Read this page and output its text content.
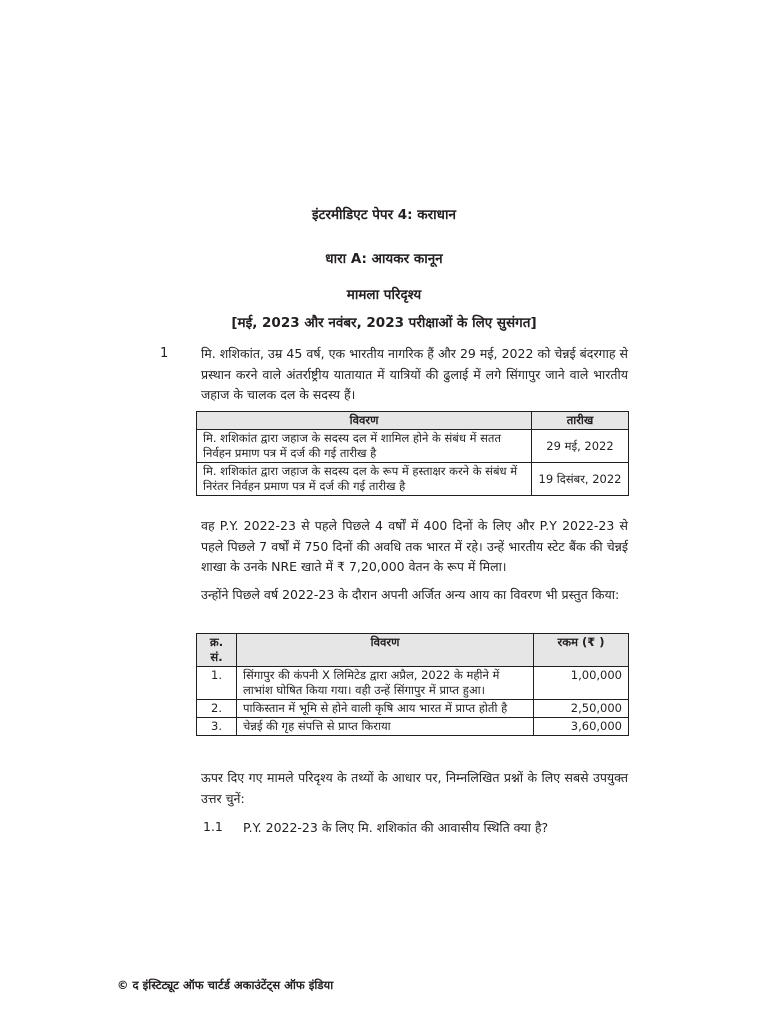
इंटरमीडिएट पेपर 4: कराधान
धारा A: आयकर कानून
मामला परिदृश्य
[मई, 2023 और नवंबर, 2023 परीक्षाओं के लिए सुसंगत]
1	मि. शशिकांत, उम्र 45 वर्ष, एक भारतीय नागरिक हैं और 29 मई, 2022 को चेन्नई बंदरगाह से प्रस्थान करने वाले अंतर्राष्ट्रीय यातायात में यात्रियों की ढुलाई में लगे सिंगापुर जाने वाले भारतीय जहाज के चालक दल के सदस्य हैं।
विवरण	तारीख
मि. शशिकांत द्वारा जहाज के सदस्य दल में शामिल होने के संबंध में सतत निर्वहन प्रमाण पत्र में दर्ज की गई तारीख है	29 मई, 2022
मि. शशिकांत द्वारा जहाज के सदस्य दल के रूप में हस्ताक्षर करने के संबंध में निरंतर निर्वहन प्रमाण पत्र में दर्ज की गई तारीख है	19 दिसंबर, 2022
वह P.Y. 2022-23 से पहले पिछले 4 वर्षों में 400 दिनों के लिए और P.Y 2022-23 से पहले पिछले 7 वर्षों में 750 दिनों की अवधि तक भारत में रहे। उन्हें भारतीय स्टेट बैंक की चेन्नई शाखा के उनके NRE खाते में ₹ 7,20,000 वेतन के रूप में मिला।
उन्होंने पिछले वर्ष 2022-23 के दौरान अपनी अर्जित अन्य आय का विवरण भी प्रस्तुत किया:
क्र. सं.	विवरण	रकम (₹ )
1.	सिंगापुर की कंपनी X लिमिटेड द्वारा अप्रैल, 2022 के महीने में लाभांश घोषित किया गया। वही उन्हें सिंगापुर में प्राप्त हुआ।	1,00,000
2.	पाकिस्तान में भूमि से होने वाली कृषि आय भारत में प्राप्त होती है	2,50,000
3.	चेन्नई की गृह संपत्ति से प्राप्त किराया	3,60,000
ऊपर दिए गए मामले परिदृश्य के तथ्यों के आधार पर, निम्नलिखित प्रश्नों के लिए सबसे उपयुक्त उत्तर चुनें:
1.1 P.Y. 2022-23 के लिए मि. शशिकांत की आवासीय स्थिति क्या है?
© द इंस्टिट्यूट ऑफ चार्टर्ड अकाउंटेंट्स ऑफ इंडिया
